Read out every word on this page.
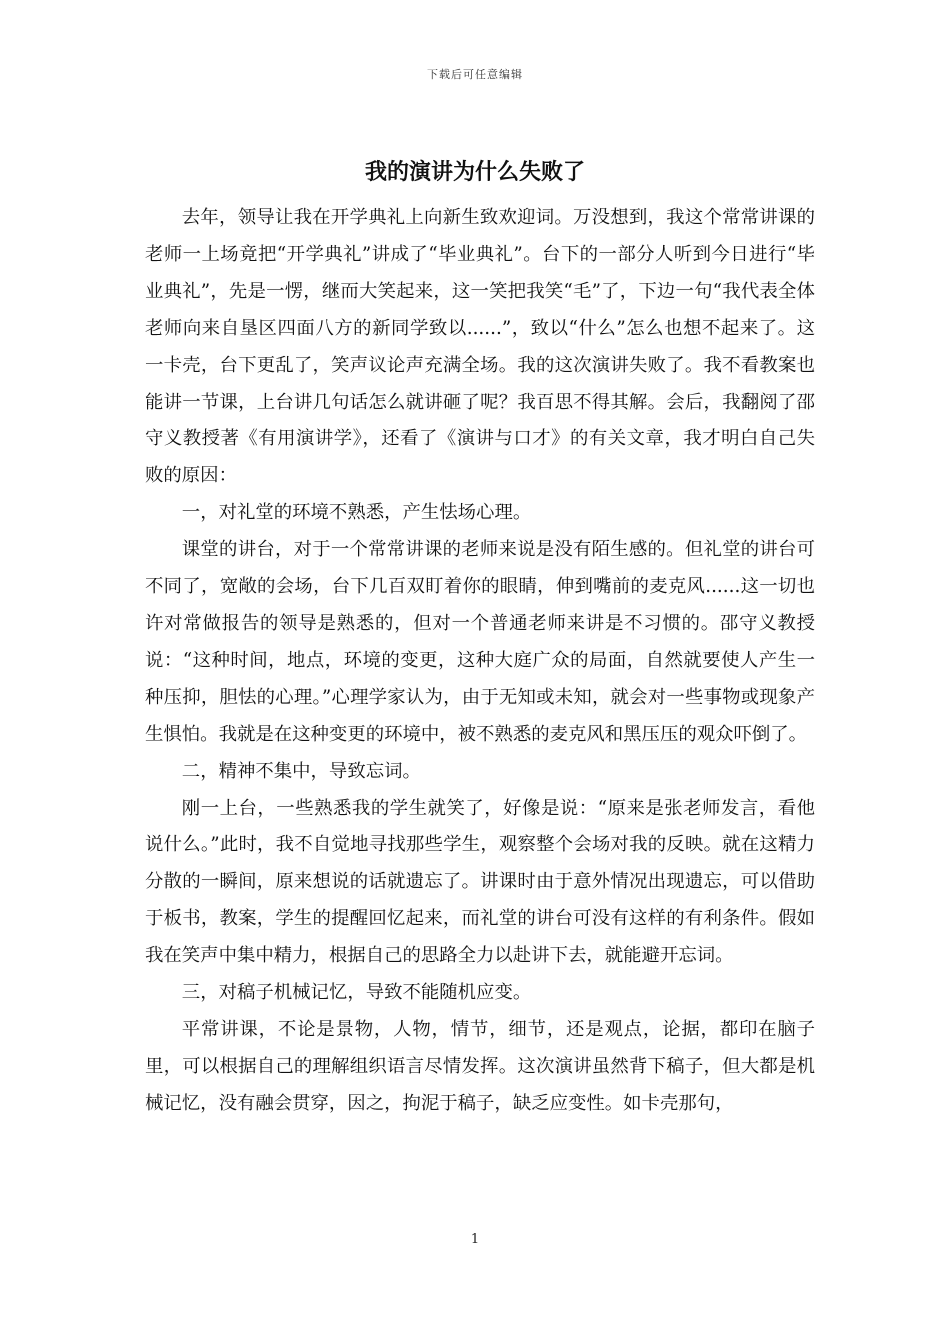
下载后可任意编辑
我的演讲为什么失败了

去年，领导让我在开学典礼上向新生致欢迎词。万没想到，我这个常常讲课的老师一上场竟把“开学典礼”讲成了“毕业典礼”。台下的一部分人听到今日进行“毕业典礼”，先是一愣，继而大笑起来，这一笑把我笑“毛”了，下边一句“我代表全体老师向来自垦区四面八方的新同学致以......”，致以“什么”怎么也想不起来了。这一卡壳，台下更乱了，笑声议论声充满全场。我的这次演讲失败了。我不看教案也能讲一节课，上台讲几句话怎么就讲砸了呢？我百思不得其解。会后，我翻阅了邵守义教授著《有用演讲学》，还看了《演讲与口才》的有关文章，我才明白自己失败的原因：

一，对礼堂的环境不熟悉，产生怯场心理。

课堂的讲台，对于一个常常讲课的老师来说是没有陌生感的。但礼堂的讲台可不同了，宽敞的会场，台下几百双盯着你的眼睛，伸到嘴前的麦克风......这一切也许对常做报告的领导是熟悉的，但对一个普通老师来讲是不习惯的。邵守义教授说：“这种时间，地点，环境的变更，这种大庭广众的局面，自然就要使人产生一种压抑，胆怯的心理。”心理学家认为，由于无知或未知，就会对一些事物或现象产生惧怕。我就是在这种变更的环境中，被不熟悉的麦克风和黑压压的观众吓倒了。

二，精神不集中，导致忘词。

刚一上台，一些熟悉我的学生就笑了，好像是说：“原来是张老师发言，看他说什么。”此时，我不自觉地寻找那些学生，观察整个会场对我的反映。就在这精力分散的一瞬间，原来想说的话就遗忘了。讲课时由于意外情况出现遗忘，可以借助于板书，教案，学生的提醒回忆起来，而礼堂的讲台可没有这样的有利条件。假如我在笑声中集中精力，根据自己的思路全力以赴讲下去，就能避开忘词。

三，对稿子机械记忆，导致不能随机应变。

平常讲课，不论是景物，人物，情节，细节，还是观点，论据，都印在脑子里，可以根据自己的理解组织语言尽情发挥。这次演讲虽然背下稿子，但大都是机械记忆，没有融会贯穿，因之，拘泥于稿子，缺乏应变性。如卡壳那句，

1
